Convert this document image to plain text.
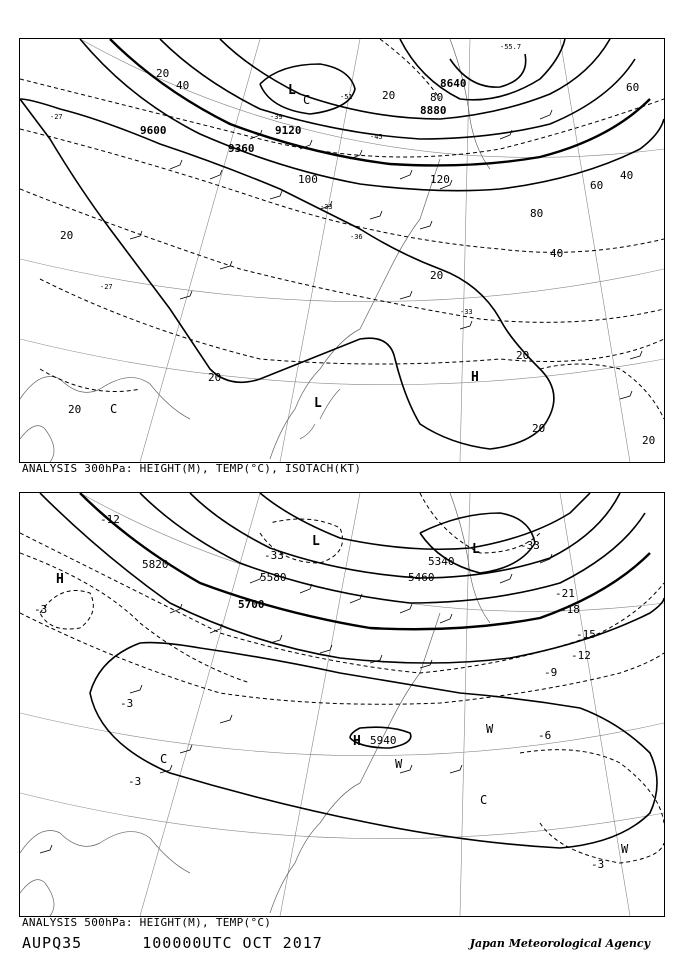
9600
9360
9120
8880
8640
20
20
20
20
20
20
20
20
20
40
40
40
60
60
80
80
100	120
-27
-27
-33
-33
-36
-39
-45
-51
-55.7
L
C
L
H
C
ANALYSIS 300hPa: HEIGHT(M), TEMP(°C), ISOTACH(KT)
5820
5700
5580	5460
5340
5940
-3
-3
-3
-3
-6
-9
-12
-12
-15
-18
-21
-33
-33
H
L
H
C
W
W
W
C
L
ANALYSIS 500hPa: HEIGHT(M), TEMP(°C)
AUPQ35	100000UTC OCT 2017	Japan Meteorological Agency
